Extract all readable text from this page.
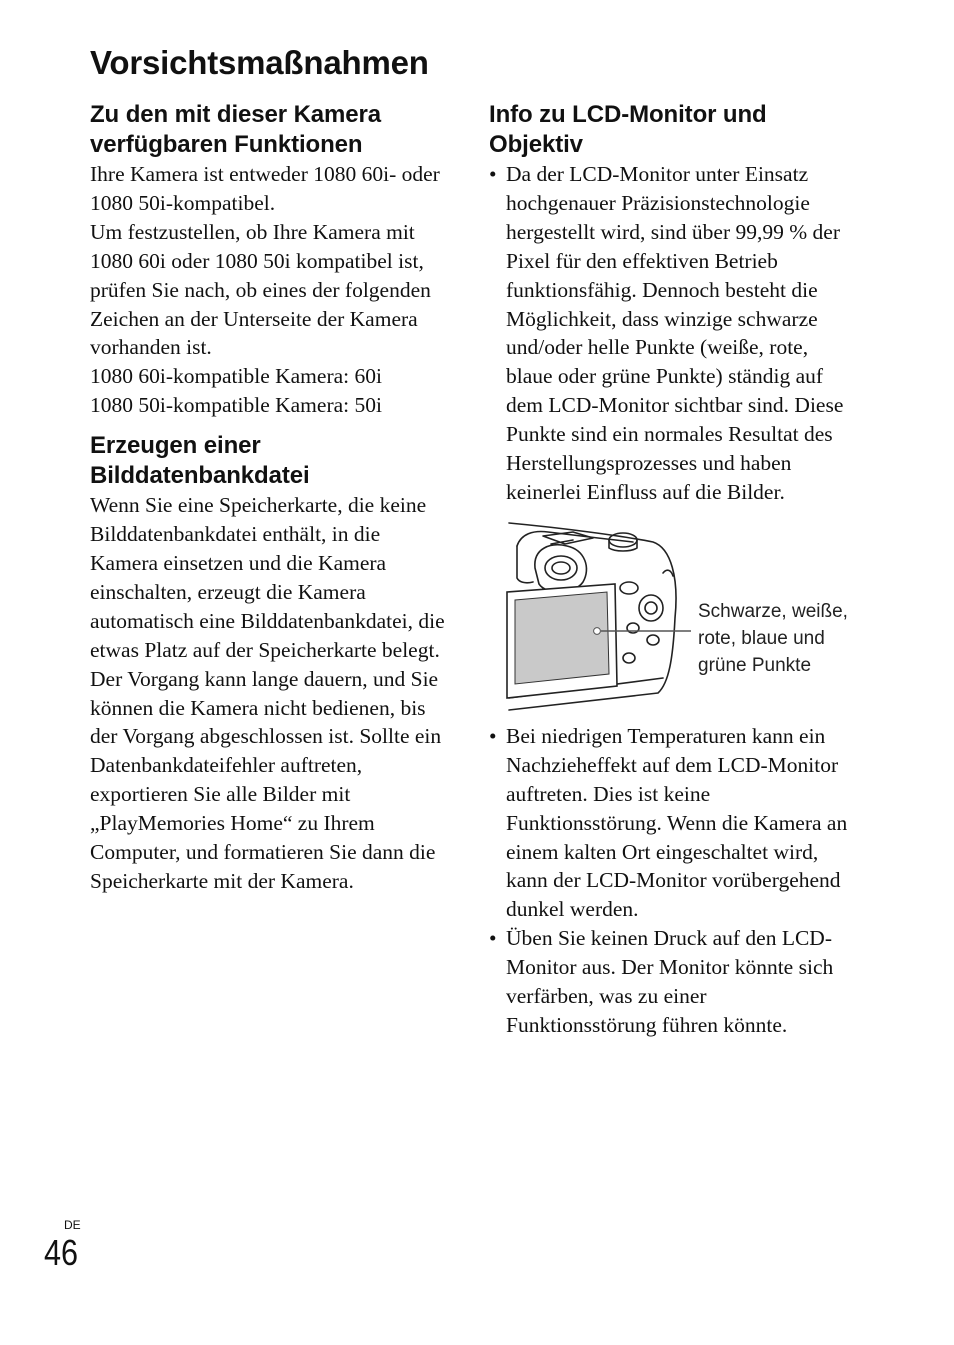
Vorsichtsmaßnahmen
Zu den mit dieser Kamera verfügbaren Funktionen

Ihre Kamera ist entweder 1080 60i- oder 1080 50i-kompatibel.

Um festzustellen, ob Ihre Kamera mit 1080 60i oder 1080 50i kompatibel ist, prüfen Sie nach, ob eines der folgenden Zeichen an der Unterseite der Kamera vorhanden ist.

1080 60i-kompatible Kamera: 60i

1080 50i-kompatible Kamera: 50i

Erzeugen einer Bilddatenbankdatei

Wenn Sie eine Speicherkarte, die keine Bilddatenbankdatei enthält, in die Kamera einsetzen und die Kamera einschalten, erzeugt die Kamera automatisch eine Bilddatenbankdatei, die etwas Platz auf der Speicherkarte belegt. Der Vorgang kann lange dauern, und Sie können die Kamera nicht bedienen, bis der Vorgang abgeschlossen ist. Sollte ein Datenbankdateifehler auftreten, exportieren Sie alle Bilder mit „PlayMemories Home“ zu Ihrem Computer, und formatieren Sie dann die Speicherkarte mit der Kamera.

Info zu LCD-Monitor und Objektiv
• Da der LCD-Monitor unter Einsatz hochgenauer Präzisionstechnologie hergestellt wird, sind über 99,99 % der Pixel für den effektiven Betrieb funktionsfähig. Dennoch besteht die Möglichkeit, dass winzige schwarze und/oder helle Punkte (weiße, rote, blaue oder grüne Punkte) ständig auf dem LCD-Monitor sichtbar sind. Diese Punkte sind ein normales Resultat des Herstellungsprozesses und haben keinerlei Einfluss auf die Bilder.
Schwarze, weiße, rote, blaue und grüne Punkte
• Bei niedrigen Temperaturen kann ein Nachzieheffekt auf dem LCD-Monitor auftreten. Dies ist keine Funktionsstörung. Wenn die Kamera an einem kalten Ort eingeschaltet wird, kann der LCD-Monitor vorübergehend dunkel werden.
• Üben Sie keinen Druck auf den LCD-Monitor aus. Der Monitor könnte sich verfärben, was zu einer Funktionsstörung führen könnte.
DE
46
